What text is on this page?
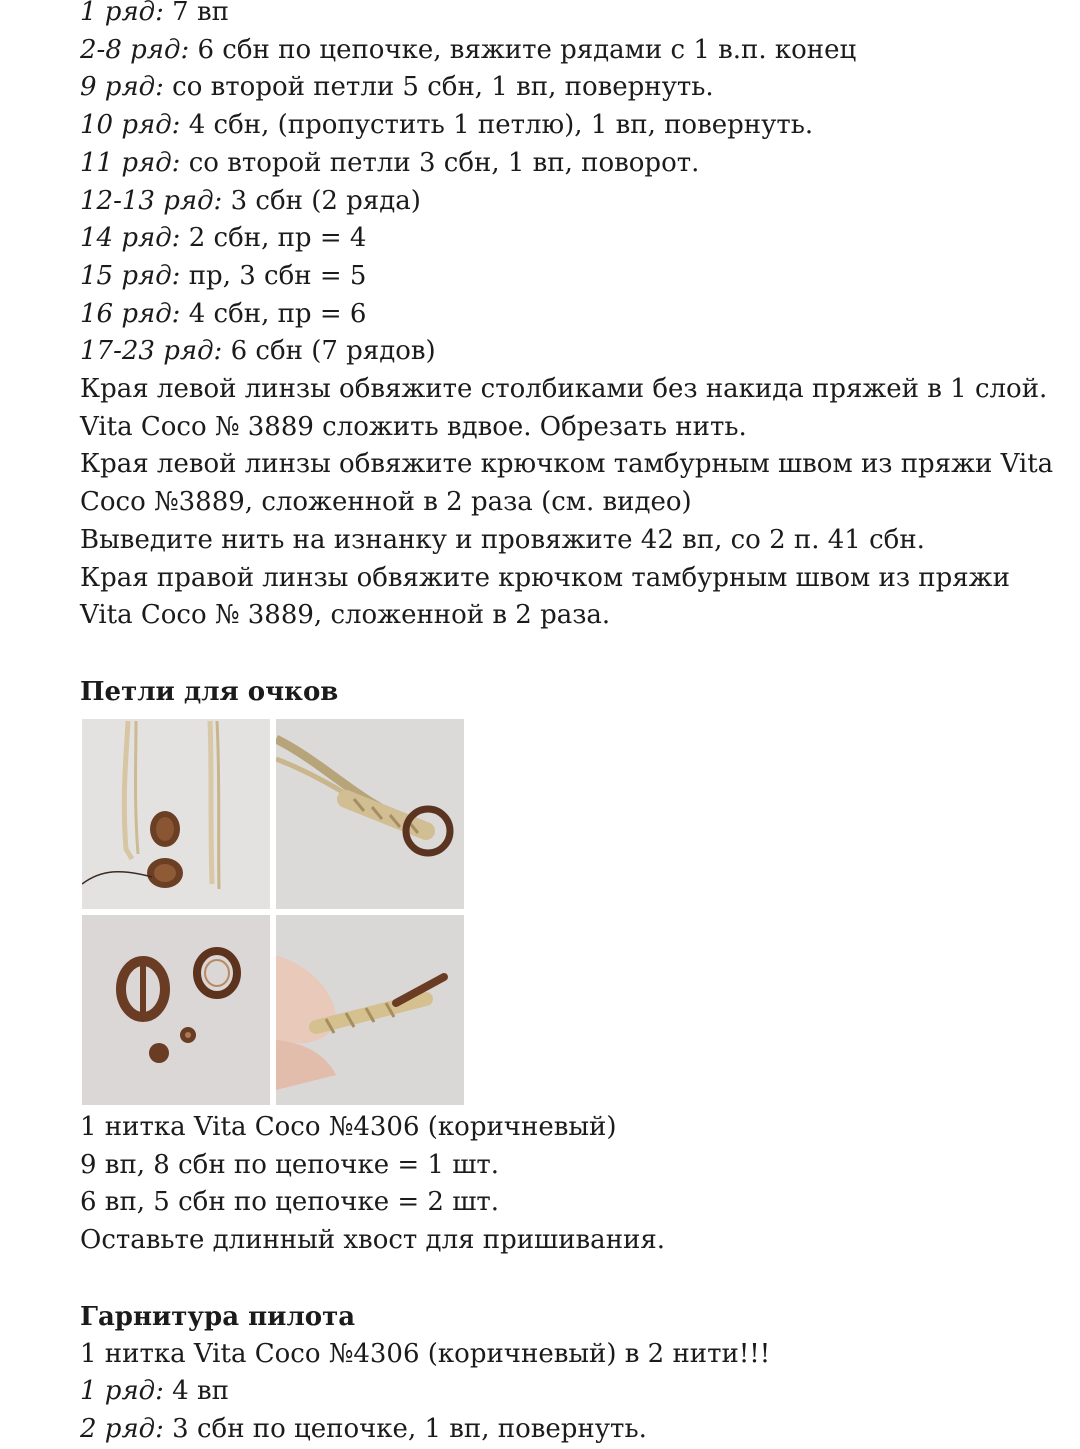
1 ряд: 7 вп
2-8 ряд: 6 сбн по цепочке, вяжите рядами с 1 в.п. конец
9 ряд: со второй петли 5 сбн, 1 вп, повернуть.
10 ряд: 4 сбн, (пропустить 1 петлю), 1 вп, повернуть.
11 ряд: со второй петли 3 сбн, 1 вп, поворот.
12-13 ряд: 3 сбн (2 ряда)
14 ряд: 2 сбн, пр = 4
15 ряд: пр, 3 сбн = 5
16 ряд: 4 сбн, пр = 6
17-23 ряд: 6 сбн (7 рядов)
Края левой линзы обвяжите столбиками без накида пряжей в 1 слой.
Vita Coco № 3889 сложить вдвое. Обрезать нить.
Края левой линзы обвяжите крючком тамбурным швом из пряжи Vita
Coco №3889, сложенной в 2 раза (см. видео)
Выведите нить на изнанку и провяжите 42 вп, со 2 п. 41 сбн.
Края правой линзы обвяжите крючком тамбурным швом из пряжи
Vita Coco № 3889, сложенной в 2 раза.
Петли для очков
1 нитка Vita Coco №4306 (коричневый)
9 вп, 8 сбн по цепочке = 1 шт.
6 вп, 5 сбн по цепочке = 2 шт.
Оставьте длинный хвост для пришивания.
Гарнитура пилота
1 нитка Vita Coco №4306 (коричневый) в 2 нити!!!
1 ряд: 4 вп
2 ряд: 3 сбн по цепочке, 1 вп, повернуть.
